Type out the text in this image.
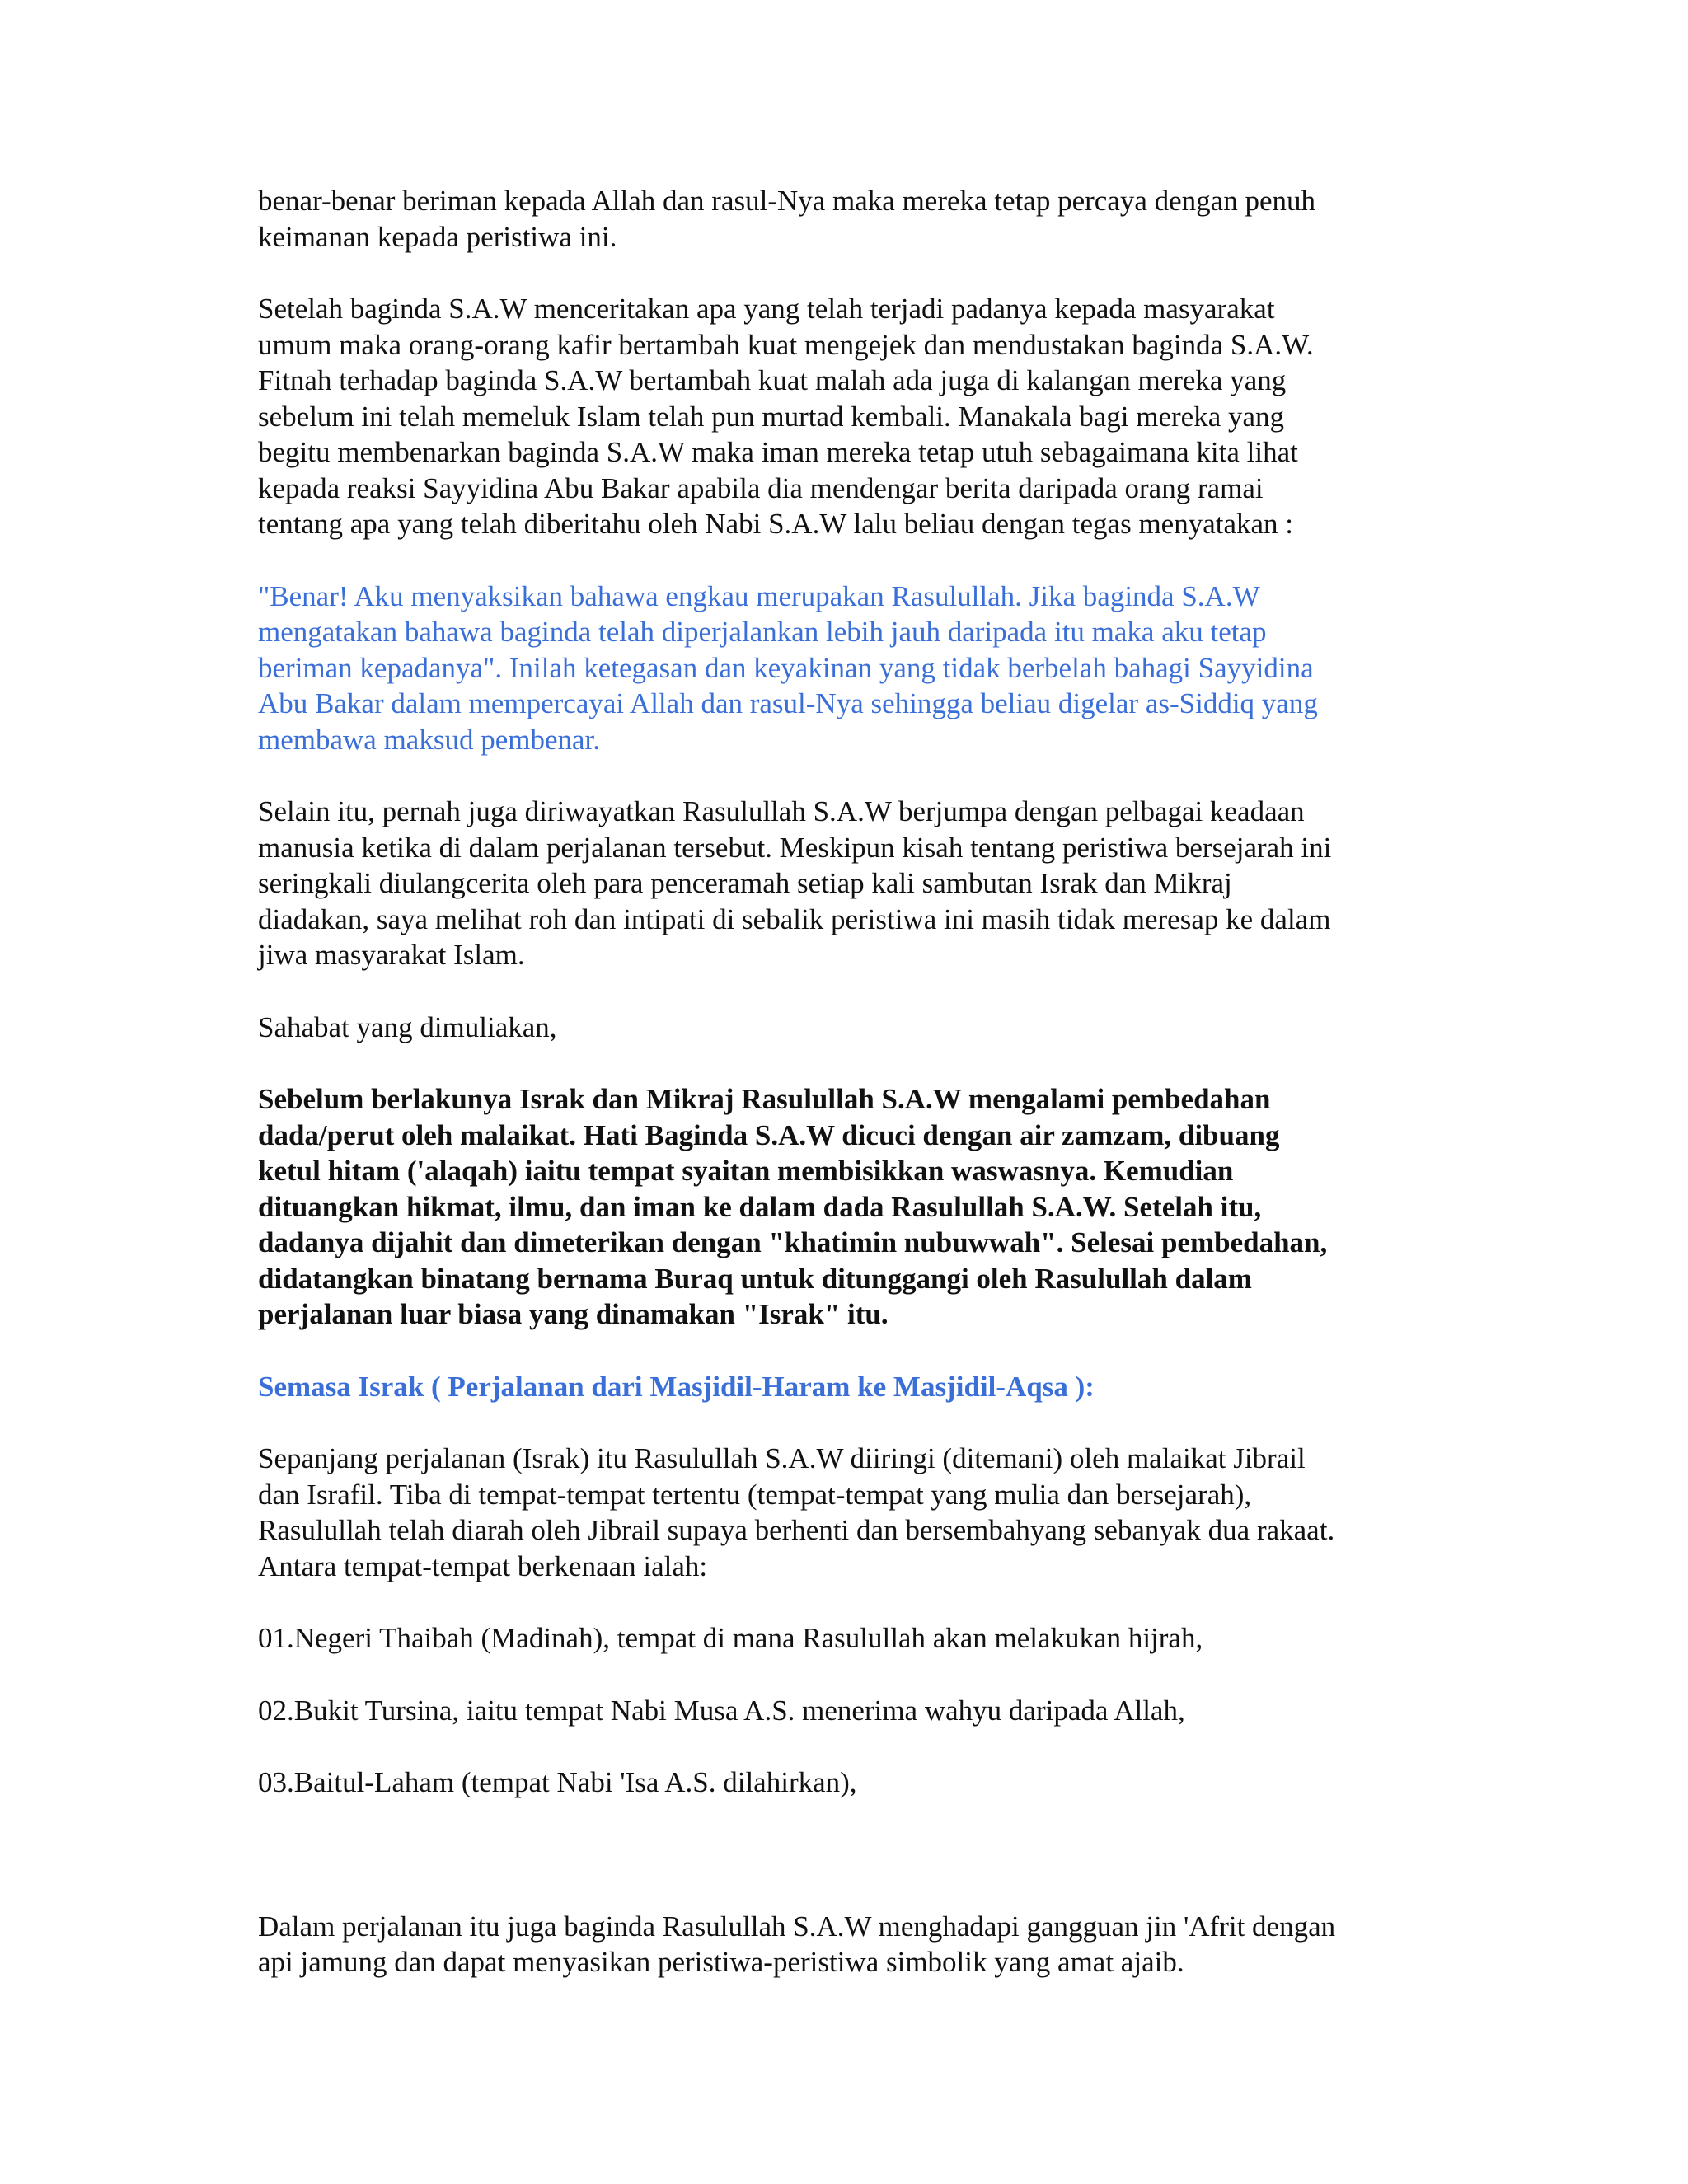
benar-benar beriman kepada Allah dan rasul-Nya maka mereka tetap percaya dengan penuh
keimanan kepada peristiwa ini.

Setelah baginda S.A.W menceritakan apa yang telah terjadi padanya kepada masyarakat
umum maka orang-orang kafir bertambah kuat mengejek dan mendustakan baginda S.A.W.
Fitnah terhadap baginda S.A.W bertambah kuat malah ada juga di kalangan mereka yang
sebelum ini telah memeluk Islam telah pun murtad kembali. Manakala bagi mereka yang
begitu membenarkan baginda S.A.W maka iman mereka tetap utuh sebagaimana kita lihat
kepada reaksi Sayyidina Abu Bakar apabila dia mendengar berita daripada orang ramai
tentang apa yang telah diberitahu oleh Nabi S.A.W lalu beliau dengan tegas menyatakan :

"Benar! Aku menyaksikan bahawa engkau merupakan Rasulullah. Jika baginda S.A.W
mengatakan bahawa baginda telah diperjalankan lebih jauh daripada itu maka aku tetap
beriman kepadanya". Inilah ketegasan dan keyakinan yang tidak berbelah bahagi Sayyidina
Abu Bakar dalam mempercayai Allah dan rasul-Nya sehingga beliau digelar as-Siddiq yang
membawa maksud pembenar.

Selain itu, pernah juga diriwayatkan Rasulullah S.A.W berjumpa dengan pelbagai keadaan
manusia ketika di dalam perjalanan tersebut. Meskipun kisah tentang peristiwa bersejarah ini
seringkali diulangcerita oleh para penceramah setiap kali sambutan Israk dan Mikraj
diadakan, saya melihat roh dan intipati di sebalik peristiwa ini masih tidak meresap ke dalam
jiwa masyarakat Islam.

Sahabat yang dimuliakan,

Sebelum berlakunya Israk dan Mikraj Rasulullah S.A.W mengalami pembedahan
dada/perut oleh malaikat. Hati Baginda S.A.W dicuci dengan air zamzam, dibuang
ketul hitam ('alaqah) iaitu tempat syaitan membisikkan waswasnya. Kemudian
dituangkan hikmat, ilmu, dan iman ke dalam dada Rasulullah S.A.W. Setelah itu,
dadanya dijahit dan dimeterikan dengan "khatimin nubuwwah". Selesai pembedahan,
didatangkan binatang bernama Buraq untuk ditunggangi oleh Rasulullah dalam
perjalanan luar biasa yang dinamakan "Israk" itu.

Semasa Israk ( Perjalanan dari Masjidil-Haram ke Masjidil-Aqsa ):

Sepanjang perjalanan (Israk) itu Rasulullah S.A.W diiringi (ditemani) oleh malaikat Jibrail
dan Israfil. Tiba di tempat-tempat tertentu (tempat-tempat yang mulia dan bersejarah),
Rasulullah telah diarah oleh Jibrail supaya berhenti dan bersembahyang sebanyak dua rakaat.
Antara tempat-tempat berkenaan ialah:

01.Negeri Thaibah (Madinah), tempat di mana Rasulullah akan melakukan hijrah,

02.Bukit Tursina, iaitu tempat Nabi Musa A.S. menerima wahyu daripada Allah,

03.Baitul-Laham (tempat Nabi 'Isa A.S. dilahirkan),

Dalam perjalanan itu juga baginda Rasulullah S.A.W menghadapi gangguan jin 'Afrit dengan
api jamung dan dapat menyasikan peristiwa-peristiwa simbolik yang amat ajaib.
